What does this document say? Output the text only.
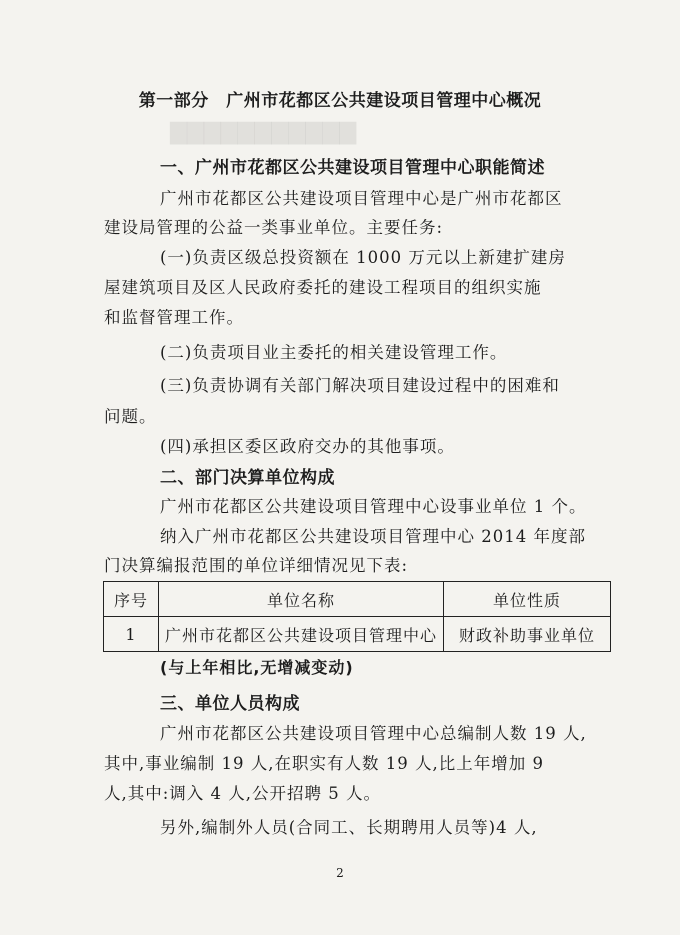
▇▇▇▇▇▇▇▇▇▇▇
第一部分　广州市花都区公共建设项目管理中心概况
一、广州市花都区公共建设项目管理中心职能简述
广州市花都区公共建设项目管理中心是广州市花都区
建设局管理的公益一类事业单位。主要任务:
(一)负责区级总投资额在 1000 万元以上新建扩建房
屋建筑项目及区人民政府委托的建设工程项目的组织实施
和监督管理工作。
(二)负责项目业主委托的相关建设管理工作。
(三)负责协调有关部门解决项目建设过程中的困难和
问题。
(四)承担区委区政府交办的其他事项。
二、部门决算单位构成
广州市花都区公共建设项目管理中心设事业单位 1 个。
纳入广州市花都区公共建设项目管理中心 2014 年度部
门决算编报范围的单位详细情况见下表:
序号	单位名称	单位性质
1	广州市花都区公共建设项目管理中心	财政补助事业单位
(与上年相比,无增减变动)
三、单位人员构成
广州市花都区公共建设项目管理中心总编制人数 19 人,
其中,事业编制 19 人,在职实有人数 19 人,比上年增加 9
人,其中:调入 4 人,公开招聘 5 人。
另外,编制外人员(合同工、长期聘用人员等)4 人,
2
